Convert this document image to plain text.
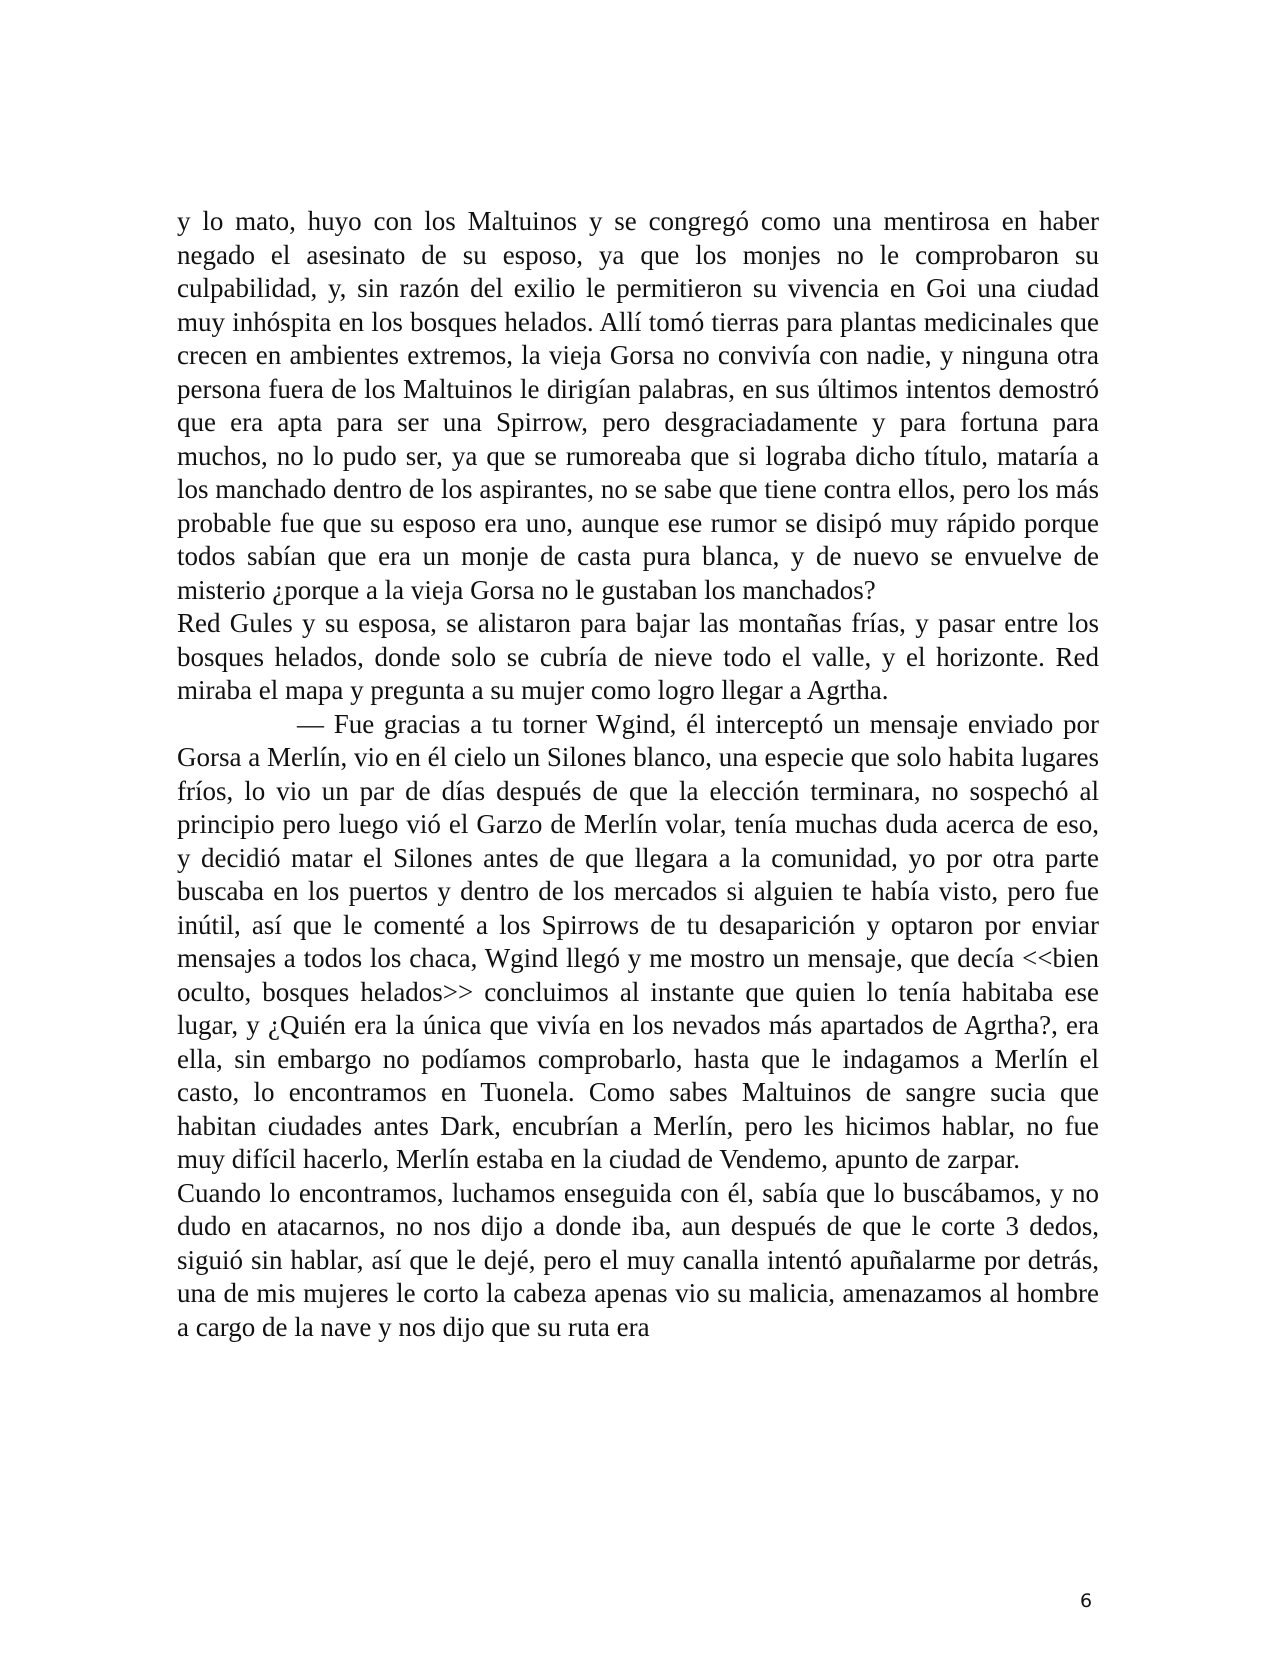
y lo mato, huyo con los Maltuinos y se congregó como una mentirosa en haber negado el asesinato de su esposo, ya que los monjes no le comprobaron su culpabilidad, y, sin razón del exilio le permitieron su vivencia en Goi una ciudad muy inhóspita en los bosques helados. Allí tomó tierras para plantas medicinales que crecen en ambientes extremos, la vieja Gorsa no convivía con nadie, y ninguna otra persona fuera de los Maltuinos le dirigían palabras, en sus últimos intentos demostró que era apta para ser una Spirrow, pero desgraciadamente y para fortuna para muchos, no lo pudo ser, ya que se rumoreaba que si lograba dicho título, mataría a los manchado dentro de los aspirantes, no se sabe que tiene contra ellos, pero los más probable fue que su esposo era uno, aunque ese rumor se disipó muy rápido porque todos sabían que era un monje de casta pura blanca, y de nuevo se envuelve de misterio ¿porque a la vieja Gorsa no le gustaban los manchados?

Red Gules y su esposa, se alistaron para bajar las montañas frías, y pasar entre los bosques helados, donde solo se cubría de nieve todo el valle, y el horizonte. Red miraba el mapa y pregunta a su mujer como logro llegar a Agrtha.

— Fue gracias a tu torner Wgind, él interceptó un mensaje enviado por Gorsa a Merlín, vio en él cielo un Silones blanco, una especie que solo habita lugares fríos, lo vio un par de días después de que la elección terminara, no sospechó al principio pero luego vió el Garzo de Merlín volar, tenía muchas duda acerca de eso, y decidió matar el Silones antes de que llegara a la comunidad, yo por otra parte buscaba en los puertos y dentro de los mercados si alguien te había visto, pero fue inútil, así que le comenté a los Spirrows de tu desaparición y optaron por enviar mensajes a todos los chaca, Wgind llegó y me mostro un mensaje, que decía <<bien oculto, bosques helados>> concluimos al instante que quien lo tenía habitaba ese lugar, y ¿Quién era la única que vivía en los nevados más apartados de Agrtha?, era ella, sin embargo no podíamos comprobarlo, hasta que le indagamos a Merlín el casto, lo encontramos en Tuonela. Como sabes Maltuinos de sangre sucia que habitan ciudades antes Dark, encubrían a Merlín, pero les hicimos hablar, no fue muy difícil hacerlo, Merlín estaba en la ciudad de Vendemo, apunto de zarpar.

Cuando lo encontramos, luchamos enseguida con él, sabía que lo buscábamos, y no dudo en atacarnos, no nos dijo a donde iba, aun después de que le corte 3 dedos, siguió sin hablar, así que le dejé, pero el muy canalla intentó apuñalarme por detrás, una de mis mujeres le corto la cabeza apenas vio su malicia, amenazamos al hombre a cargo de la nave y nos dijo que su ruta era

6
